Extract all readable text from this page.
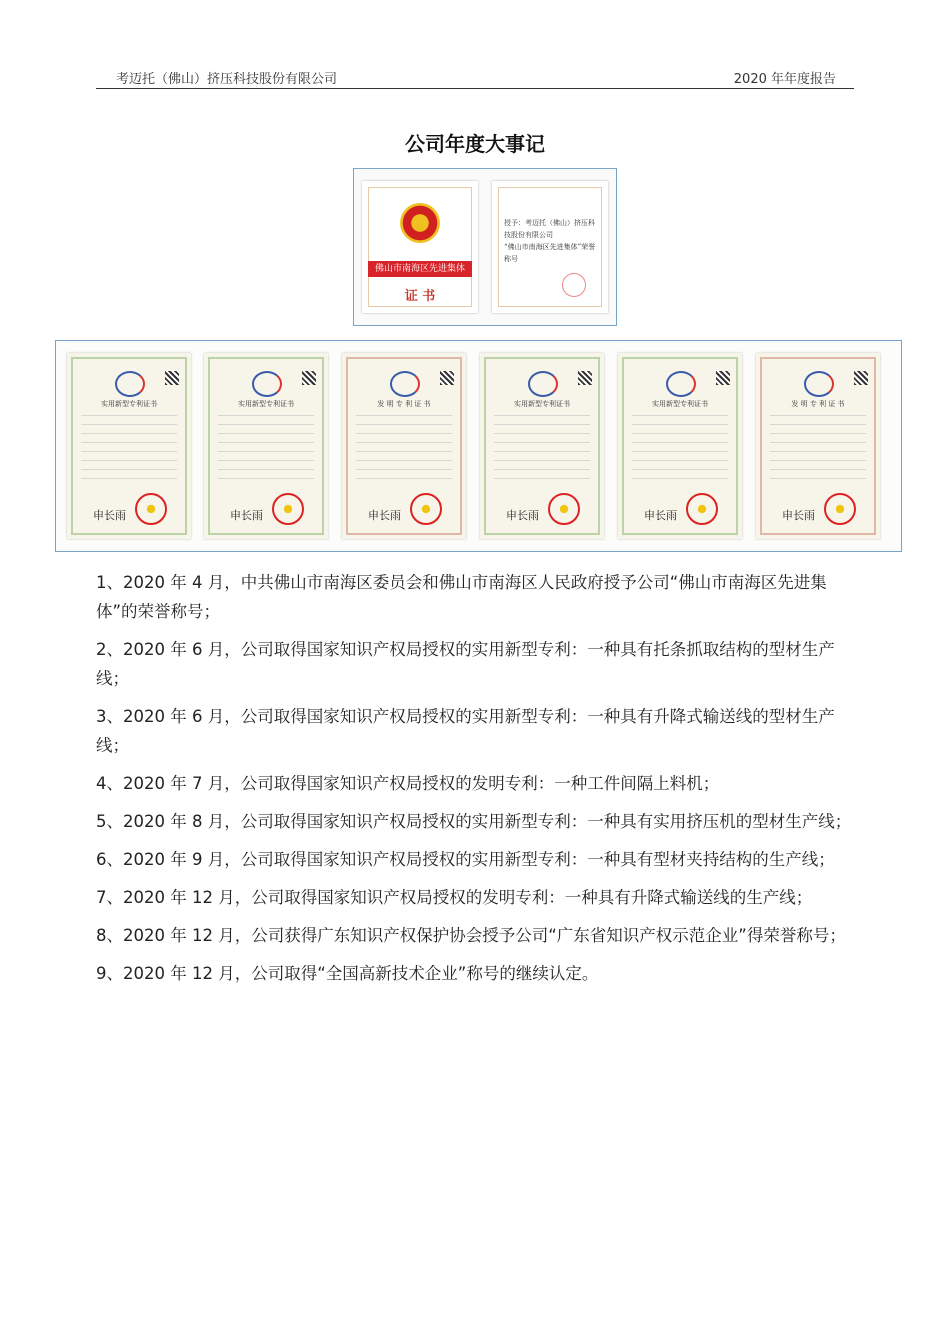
考迈托（佛山）挤压科技股份有限公司	2020 年年度报告
公司年度大事记
佛山市南海区先进集体
证 书
授予：考迈托（佛山）挤压科技股份有限公司
“佛山市南海区先进集体”荣誉称号
实用新型专利证书
申长雨
实用新型专利证书
申长雨
发 明 专 利 证 书
申长雨
实用新型专利证书
申长雨
实用新型专利证书
申长雨
发 明 专 利 证 书
申长雨
1、2020 年 4 月，中共佛山市南海区委员会和佛山市南海区人民政府授予公司“佛山市南海区先进集体”的荣誉称号；
2、2020 年 6 月，公司取得国家知识产权局授权的实用新型专利：一种具有托条抓取结构的型材生产线；
3、2020 年 6 月，公司取得国家知识产权局授权的实用新型专利：一种具有升降式输送线的型材生产线；
4、2020 年 7 月，公司取得国家知识产权局授权的发明专利：一种工件间隔上料机；
5、2020 年 8 月，公司取得国家知识产权局授权的实用新型专利：一种具有实用挤压机的型材生产线；
6、2020 年 9 月，公司取得国家知识产权局授权的实用新型专利：一种具有型材夹持结构的生产线；
7、2020 年 12 月，公司取得国家知识产权局授权的发明专利：一种具有升降式输送线的生产线；
8、2020 年 12 月，公司获得广东知识产权保护协会授予公司“广东省知识产权示范企业”得荣誉称号；
9、2020 年 12 月，公司取得“全国高新技术企业”称号的继续认定。
